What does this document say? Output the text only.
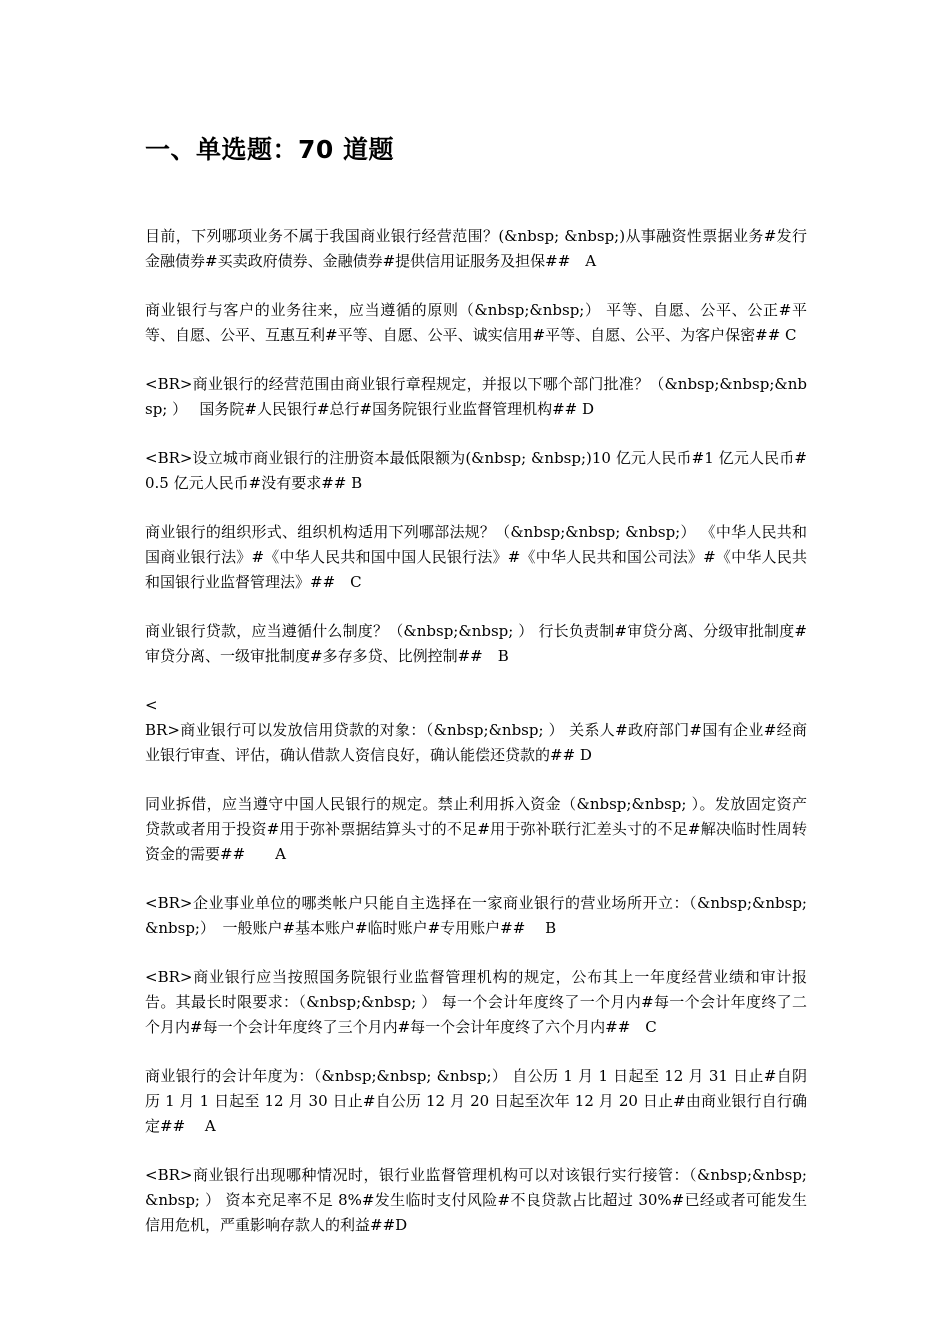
一、单选题：70 道题

目前，下列哪项业务不属于我国商业银行经营范围？(&nbsp; &nbsp;)从事融资性票据业务#发行金融债券#买卖政府债券、金融债券#提供信用证服务及担保##　A

商业银行与客户的业务往来，应当遵循的原则（&nbsp;&nbsp;） 平等、自愿、公平、公正#平等、自愿、公平、互惠互利#平等、自愿、公平、诚实信用#平等、自愿、公平、为客户保密## C

<BR>商业银行的经营范围由商业银行章程规定，并报以下哪个部门批准？（&nbsp;&nbsp;&nbsp; ）　 国务院#人民银行#总行#国务院银行业监督管理机构## D

<BR>设立城市商业银行的注册资本最低限额为(&nbsp; &nbsp;)10 亿元人民币#1 亿元人民币#0.5 亿元人民币#没有要求## B

商业银行的组织形式、组织机构适用下列哪部法规？（&nbsp;&nbsp; &nbsp;） 《中华人民共和国商业银行法》#《中华人民共和国中国人民银行法》#《中华人民共和国公司法》#《中华人民共和国银行业监督管理法》##　C

商业银行贷款，应当遵循什么制度？（&nbsp;&nbsp; ） 行长负责制#审贷分离、分级审批制度#审贷分离、一级审批制度#多存多贷、比例控制##　B

<
BR>商业银行可以发放信用贷款的对象：（&nbsp;&nbsp; ） 关系人#政府部门#国有企业#经商业银行审查、评估，确认借款人资信良好，确认能偿还贷款的## D

同业拆借，应当遵守中国人民银行的规定。禁止利用拆入资金（&nbsp;&nbsp; ）。发放固定资产贷款或者用于投资#用于弥补票据结算头寸的不足#用于弥补联行汇差头寸的不足#解决临时性周转资金的需要##　　A

<BR>企业事业单位的哪类帐户只能自主选择在一家商业银行的营业场所开立：（&nbsp;&nbsp; &nbsp;）　一般账户#基本账户#临时账户#专用账户##　 B

<BR>商业银行应当按照国务院银行业监督管理机构的规定，公布其上一年度经营业绩和审计报告。其最长时限要求：（&nbsp;&nbsp; ） 每一个会计年度终了一个月内#每一个会计年度终了二个月内#每一个会计年度终了三个月内#每一个会计年度终了六个月内##　C

商业银行的会计年度为：（&nbsp;&nbsp; &nbsp;） 自公历 1 月 1 日起至 12 月 31 日止#自阴历 1 月 1 日起至 12 月 30 日止#自公历 12 月 20 日起至次年 12 月 20 日止#由商业银行自行确定##　 A

<BR>商业银行出现哪种情况时，银行业监督管理机构可以对该银行实行接管：（&nbsp;&nbsp; &nbsp; ） 资本充足率不足 8%#发生临时支付风险#不良贷款占比超过 30%#已经或者可能发生信用危机，严重影响存款人的利益##D
